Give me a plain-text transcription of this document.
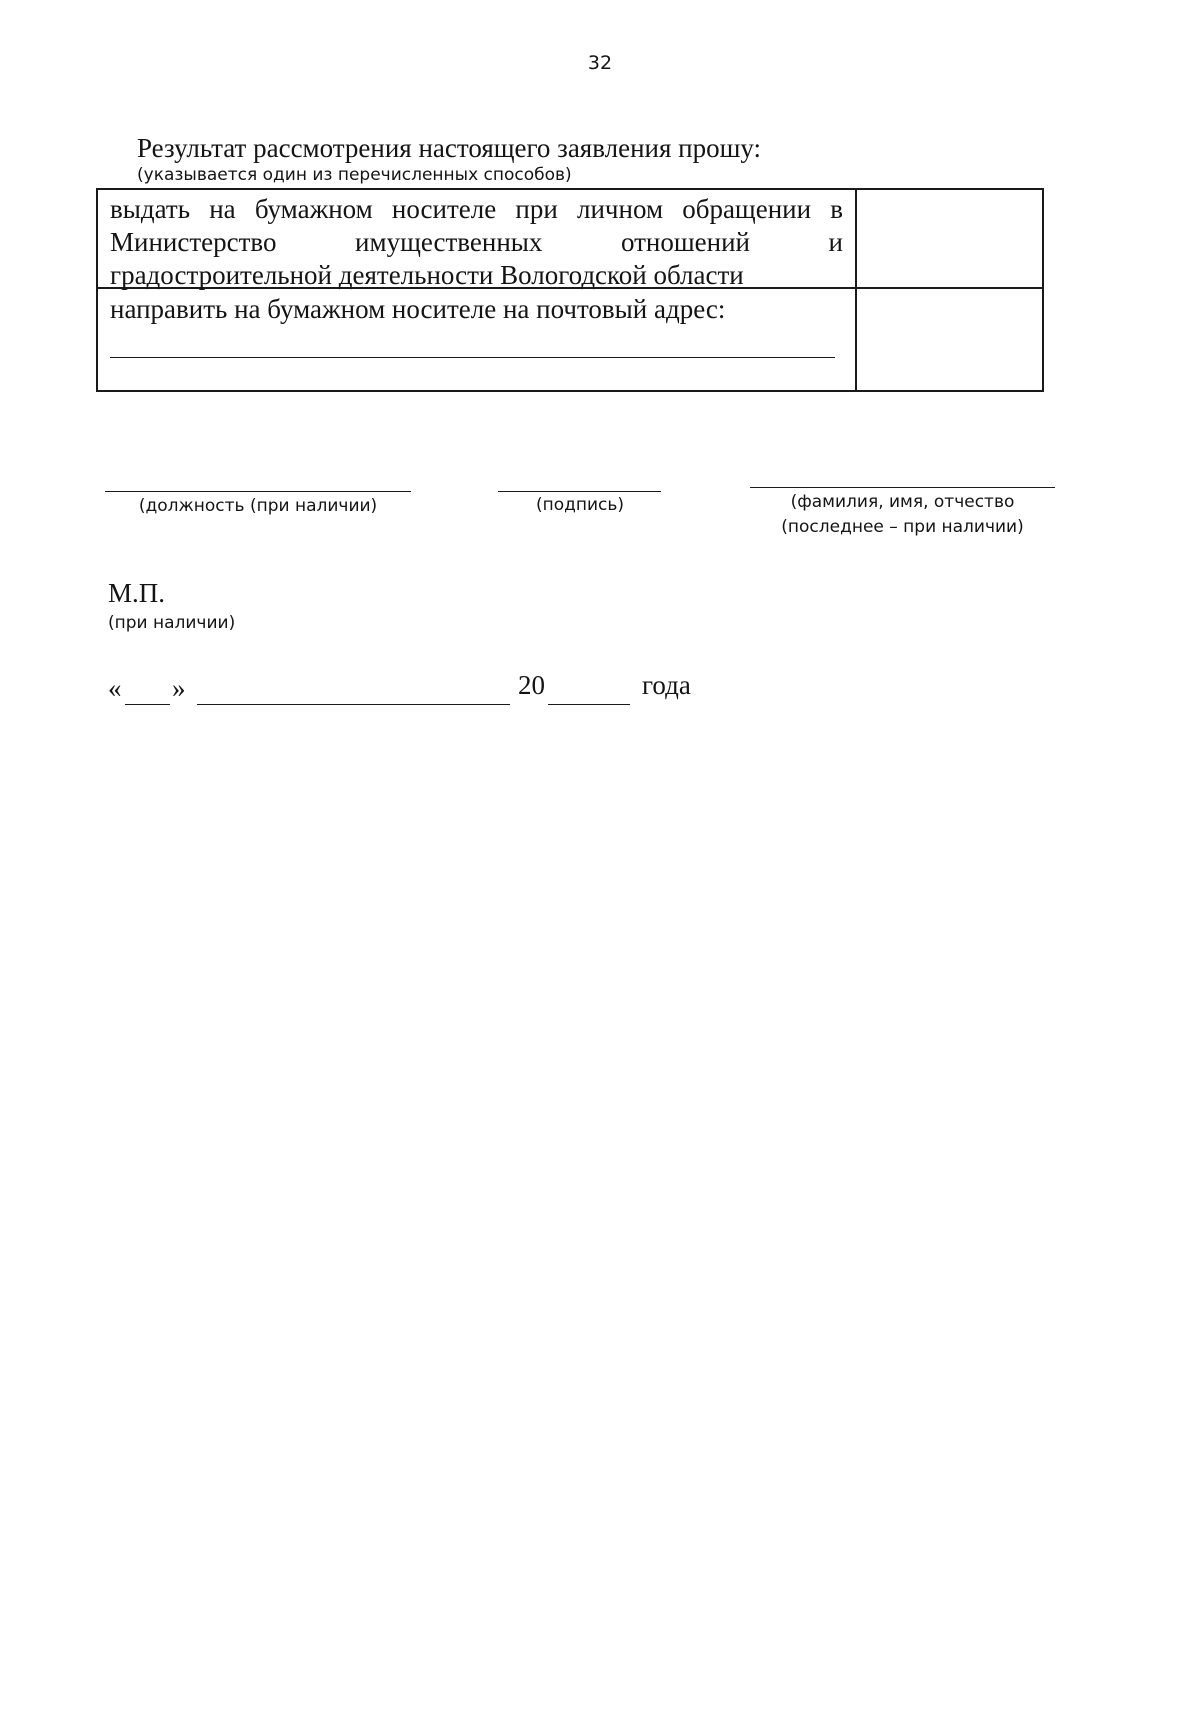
32
Результат рассмотрения настоящего заявления прошу:
(указывается один из перечисленных способов)
выдать на бумажном носителе при личном обращении в Министерство имущественных отношений и градостроительной деятельности Вологодской области
направить на бумажном носителе на почтовый адрес:
(должность (при наличии)	(подпись)	(фамилия, имя, отчество
(последнее – при наличии)
М.П.
(при наличии)
« »	20	года
